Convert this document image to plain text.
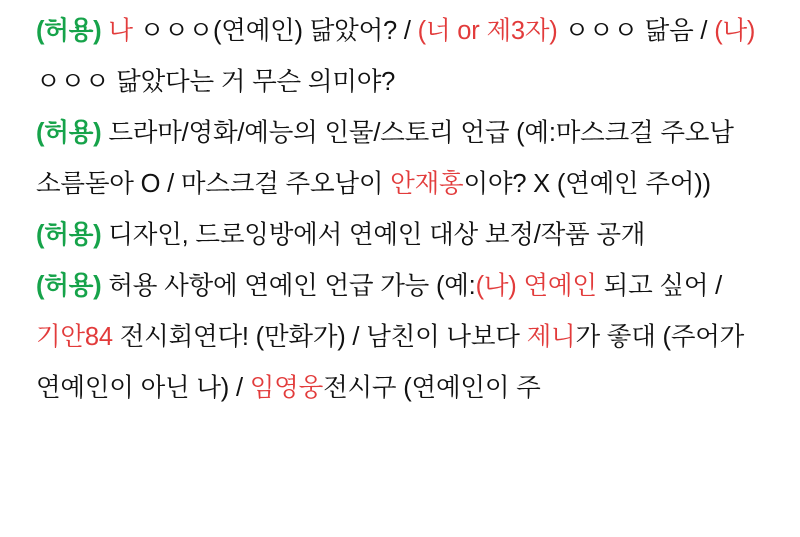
(허용) 나 ㅇㅇㅇ(연예인) 닮았어? / (너 or 제3자) ㅇㅇㅇ 닮음 / (나) ㅇㅇㅇ 닮았다는 거 무슨 의미야?
(허용) 드라마/영화/예능의 인물/스토리 언급 (예:마스크걸 주오남 소름돋아 O / 마스크걸 주오남이 안재홍이야? X (연예인 주어))
(허용) 디자인, 드로잉방에서 연예인 대상 보정/작품 공개
(허용) 허용 사항에 연예인 언급 가능 (예:(나) 연예인 되고 싶어 / 기안84 전시회연다! (만화가) / 남친이 나보다 제니가 좋대 (주어가 연예인이 아닌 나) / 임영웅전시구 (연예인이 주
